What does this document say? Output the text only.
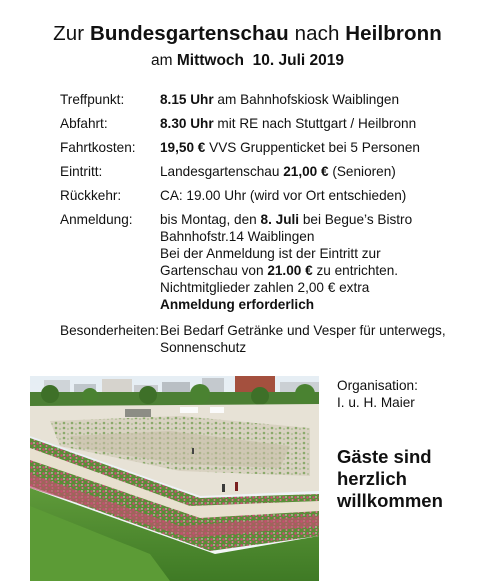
Zur Bundesgartenschau nach Heilbronn
am Mittwoch 10. Juli 2019
Treffpunkt:	8.15 Uhr am Bahnhofskiosk Waiblingen
Abfahrt:	8.30 Uhr mit RE nach Stuttgart / Heilbronn
Fahrtkosten:	19,50 € VVS Gruppenticket bei 5 Personen
Eintritt:	Landesgartenschau 21,00 € (Senioren)
Rückkehr:	CA: 19.00 Uhr (wird vor Ort entschieden)
Anmeldung:	bis Montag, den 8. Juli bei Begue’s Bistro
Bahnhofstr.14 Waiblingen
Bei der Anmeldung ist der Eintritt zur
Gartenschau von 21.00 € zu entrichten.
Nichtmitglieder zahlen 2,00 € extra
Anmeldung erforderlich
Besonderheiten: Bei Bedarf Getränke und Vesper für unterwegs,
Sonnenschutz
Organisation:
I. u. H. Maier
Gäste sind
herzlich
willkommen
